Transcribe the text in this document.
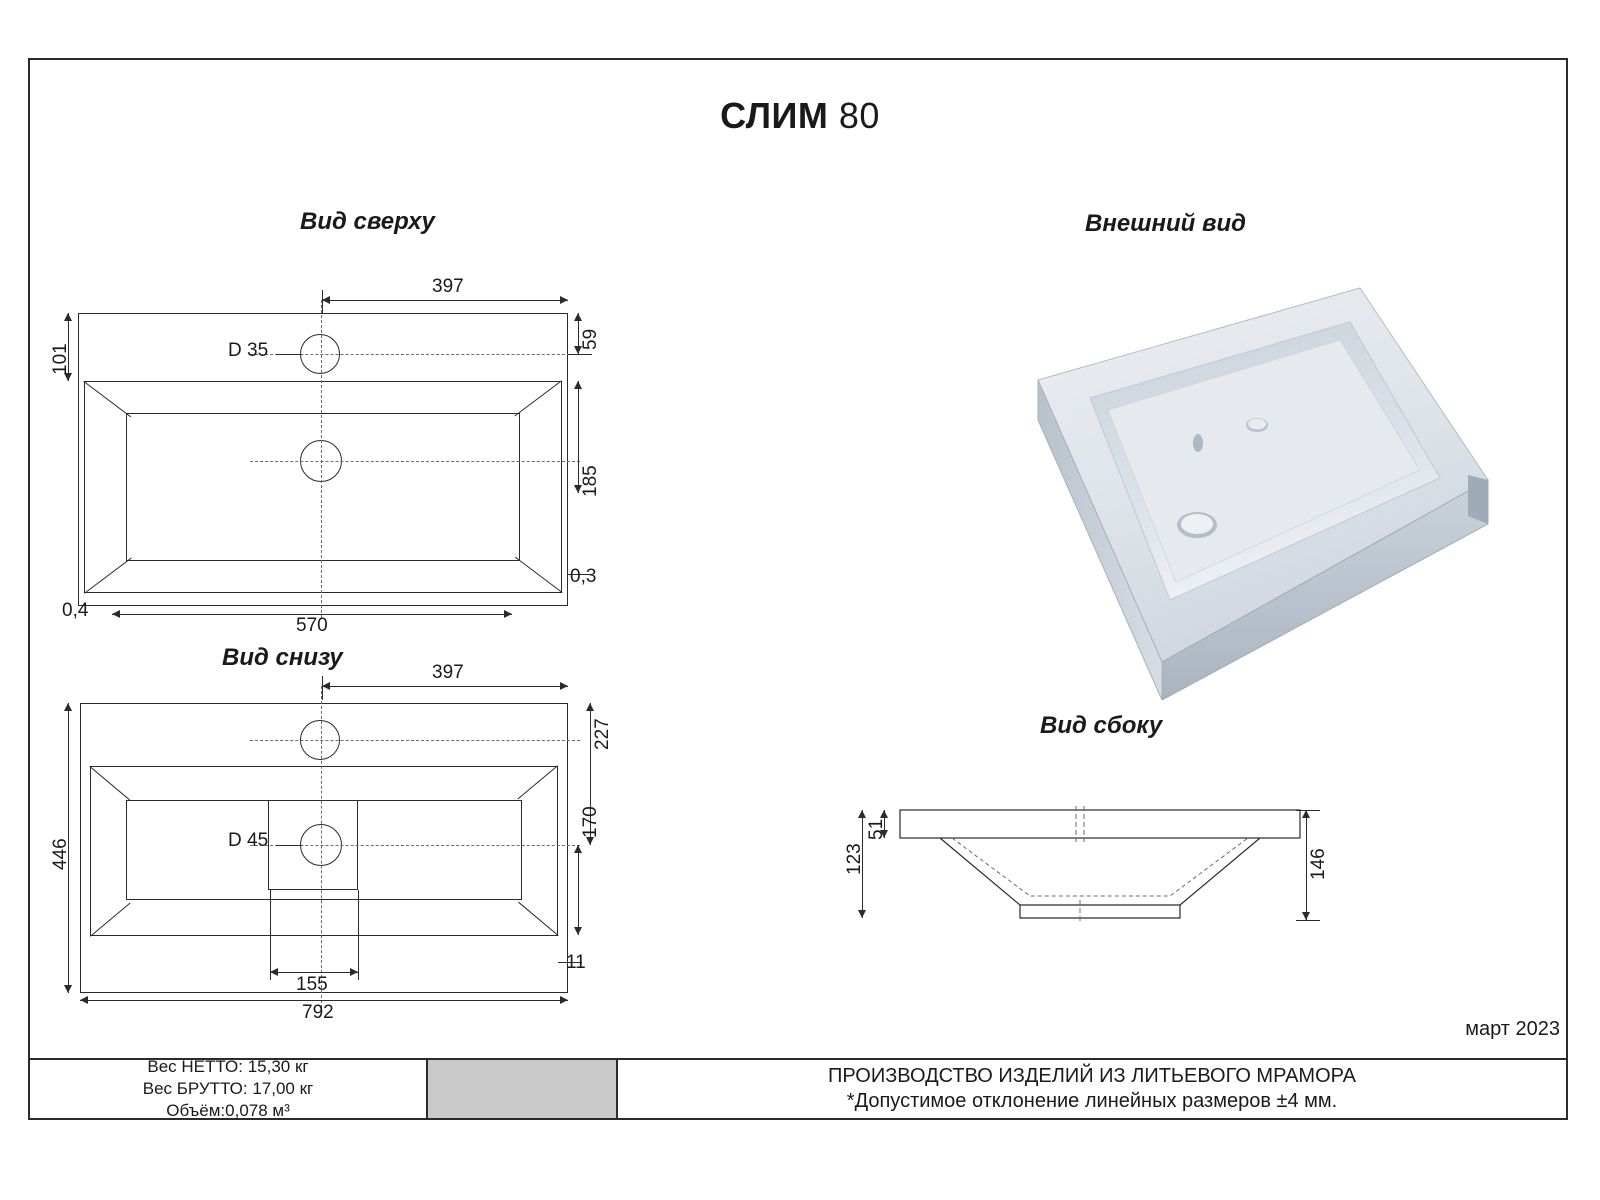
СЛИМ 80
Вид сверху
397
101
59
185
0,3
0,4
570
D 35
Вид снизу
397
446
227
170
11
155
792
D 45
Внешний вид
Вид сбоку
51
123	146
март 2023
Вес НЕТТО: 15,30 кг
Вес БРУТТО: 17,00 кг
Объём:0,078 м³
ПРОИЗВОДСТВО ИЗДЕЛИЙ ИЗ ЛИТЬЕВОГО МРАМОРА
*Допустимое отклонение линейных размеров ±4 мм.
